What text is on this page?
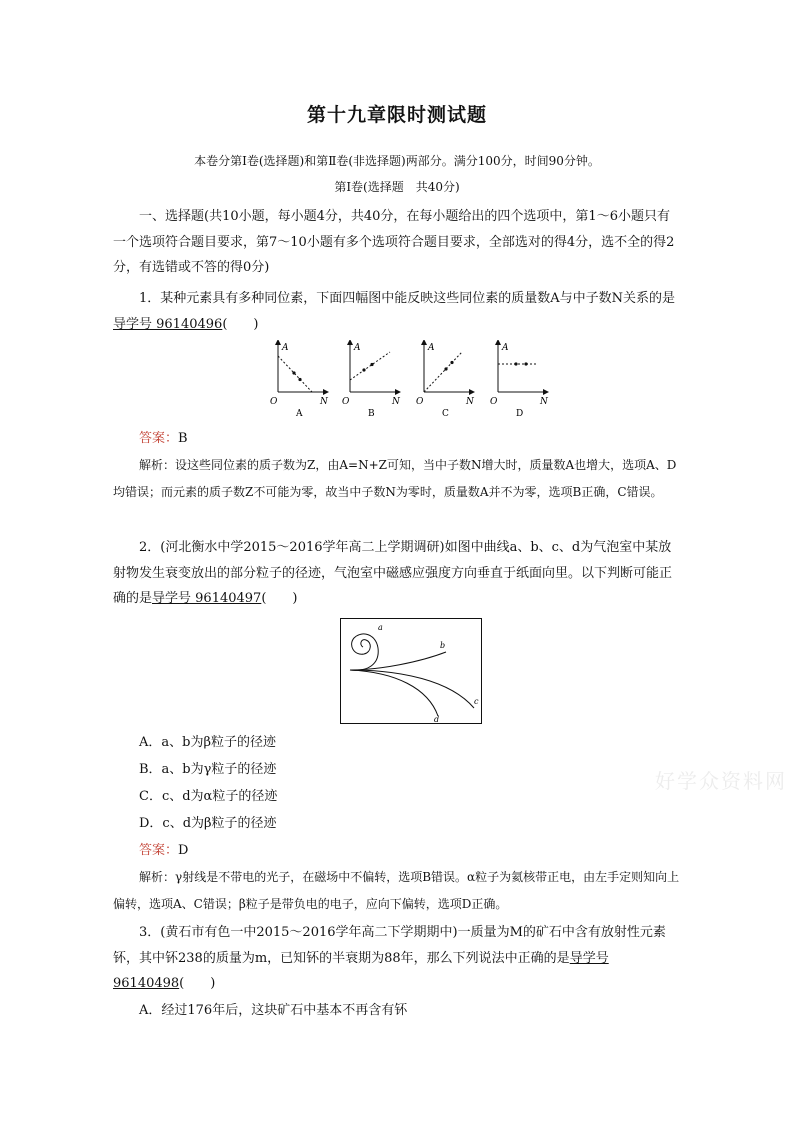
第十九章限时测试题
本卷分第Ⅰ卷(选择题)和第Ⅱ卷(非选择题)两部分。满分100分，时间90分钟。
第Ⅰ卷(选择题　共40分)

一、选择题(共10小题，每小题4分，共40分，在每小题给出的四个选项中，第1～6小题只有一个选项符合题目要求，第7～10小题有多个选项符合题目要求，全部选对的得4分，选不全的得2分，有选错或不答的得0分)

1．某种元素具有多种同位素，下面四幅图中能反映这些同位素的质量数A与中子数N关系的是导学号 96140496(　　)

A
N
O
A
A
N
O
B
A
N
O
C
A
N
O
D
答案：B

解析：设这些同位素的质子数为Z，由A=N+Z可知，当中子数N增大时，质量数A也增大，选项A、D均错误；而元素的质子数Z不可能为零，故当中子数N为零时，质量数A并不为零，选项B正确，C错误。

2．(河北衡水中学2015～2016学年高二上学期调研)如图中曲线a、b、c、d为气泡室中某放射物发生衰变放出的部分粒子的径迹，气泡室中磁感应强度方向垂直于纸面向里。以下判断可能正确的是导学号 96140497(　　)

a
b
c
d
A．a、b为β粒子的径迹
B．a、b为γ粒子的径迹
C．c、d为α粒子的径迹
D．c、d为β粒子的径迹
答案：D

解析：γ射线是不带电的光子，在磁场中不偏转，选项B错误。α粒子为氦核带正电，由左手定则知向上偏转，选项A、C错误；β粒子是带负电的电子，应向下偏转，选项D正确。

3．(黄石市有色一中2015～2016学年高二下学期期中)一质量为M的矿石中含有放射性元素钚，其中钚238的质量为m，已知钚的半衰期为88年，那么下列说法中正确的是导学号 96140498(　　)

A．经过176年后，这块矿石中基本不再含有钚
好学众资料网
